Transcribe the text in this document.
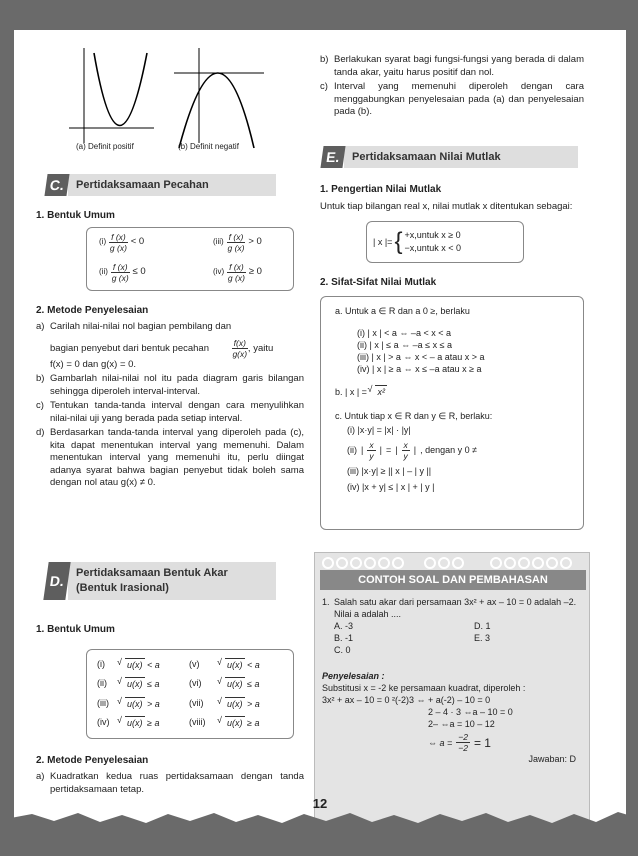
(a) Definit positif	(b) Definit negatif
C. Pertidaksamaan Pecahan
1. Bentuk Umum
$(i) \frac{f (x)}{g (x)} < 0$	$(iii) \frac{f (x)}{g (x)} > 0$
$(ii) \frac{f (x)}{g (x)} \le 0$	$(iv) \frac{f (x)}{g (x)} \ge 0$
2. Metode Penyelesaian
a) Carilah nilai-nilai nol bagian pembilang dan
bagian penyebut dari bentuk pecahan	$\frac{f(x)}{g(x)}$ , yaitu
f(x) = 0 dan g(x) = 0.
b) Gambarlah nilai-nilai nol itu pada diagram garis bilangan sehingga diperoleh interval-interval.
c) Tentukan tanda-tanda interval dengan cara menyulihkan nilai-nilai uji yang berada pada setiap interval.
d) Berdasarkan tanda-tanda interval yang diperoleh pada (c), kita dapat menentukan interval yang memenuhi. Dalam menentukan interval yang memenuhi itu, perlu diingat adanya syarat bahwa bagian penyebut tidak boleh sama dengan nol atau g(x) ≠ 0.
D. Pertidaksamaan Bentuk Akar
(Bentuk Irasional)
1. Bentuk Umum
(i)	√ u(x) < a	(v)	√ u(x) < a
(ii)	√ u(x) ≤ a	(vi)	√ u(x) ≤ a
(iii)	√ u(x) > a	(vii)	√ u(x) > a
(iv)	√ u(x) ≥ a	(viii)	√ u(x) ≥ a
2. Metode Penyelesaian
a) Kuadratkan kedua ruas pertidaksamaan dengan tanda pertidaksamaan tetap.
b) Berlakukan syarat bagi fungsi-fungsi yang berada di dalam tanda akar, yaitu harus positif dan nol.
c) Interval yang memenuhi diperoleh dengan cara menggabungkan penyelesaian pada (a) dan penyelesaian pada (b).
E.	Pertidaksamaan Nilai Mutlak
1. Pengertian Nilai Mutlak
Untuk tiap bilangan real x, nilai mutlak x ditentukan sebagai:
| x |= { +x,untuk x ≥ 0
−x,untuk x < 0
2. Sifat-Sifat Nilai Mutlak
a. Untuk a ∈ R dan a 0 ≥, berlaku
(i) | x | < a ⇔ –a < x < a
(ii) | x | ≤ a ⇔ –a ≤ x ≤ a
(iii) | x | > a ⇔ x < – a atau x > a
(iv) | x | ≥ a ⇔ x ≤ –a atau x ≥ a
b. | x | = √ x²
c. Untuk tiap x ∈ R dan y ∈ R, berlaku:
(i) |x·y| = |x| · |y|
(ii) | $\frac{x}{y}$ | = | $\frac{x}{y}$ | , dengan y 0 ≠
(iii) |x·y| ≥ || x | – | y ||
(iv) |x + y| ≤ | x | + | y |
CONTOH SOAL DAN PEMBAHASAN
1. Salah satu akar dari persamaan 3x² + ax – 10 = 0 adalah –2. Nilai a adalah ....
A. -3	D. 1
B. -1	E. 3
C. 0
Penyelesaian :
Substitusi x = -2 ke persamaan kuadrat, diperoleh :
3x² + ax – 10 = 0 ²(-2)3 ⇔ + a(-2) – 10 = 0
2 – 4 · 3 ⇔a – 10 = 0
2– ⇔a = 10 – 12
⇔ $a = \frac{-2}{-2} = 1$
Jawaban: D
12
